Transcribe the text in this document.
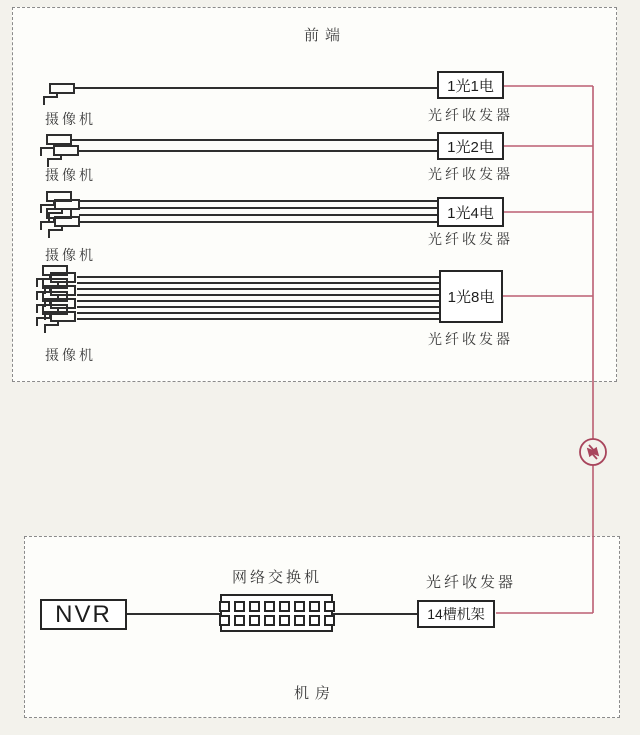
前端
机房
1光1电
1光2电
1光4电
1光8电
光纤收发器
光纤收发器
光纤收发器
光纤收发器
摄像机
摄像机
摄像机
摄像机
NVR
网络交换机	光纤收发器
14槽机架
